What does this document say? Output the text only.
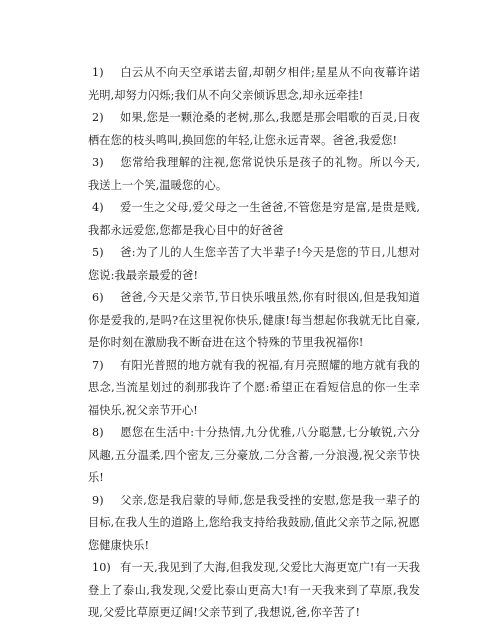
1) 白云从不向天空承诺去留,却朝夕相伴;星星从不向夜幕许诺光明,却努力闪烁;我们从不向父亲倾诉思念,却永远牵挂!

2) 如果,您是一颗沧桑的老树,那么,我愿是那会唱歌的百灵,日夜栖在您的枝头鸣叫,换回您的年轻,让您永远青翠。爸爸,我爱您!

3) 您常给我理解的注视,您常说快乐是孩子的礼物。所以今天,我送上一个笑,温暖您的心。

4) 爱一生之父母,爱父母之一生爸爸,不管您是穷是富,是贵是贱,我都永远爱您,您都是我心目中的好爸爸

5) 爸:为了儿的人生您辛苦了大半辈子!今天是您的节日,儿想对您说:我最亲最爱的爸!

6) 爸爸,今天是父亲节,节日快乐哦虽然,你有时很凶,但是我知道你是爱我的,是吗?在这里祝你快乐,健康!每当想起你我就无比自豪,是你时刻在激励我不断奋进在这个特殊的节里我祝福你!

7) 有阳光普照的地方就有我的祝福,有月亮照耀的地方就有我的思念,当流星划过的刹那我许了个愿:希望正在看短信息的你一生幸福快乐,祝父亲节开心!

8) 愿您在生活中:十分热情,九分优雅,八分聪慧,七分敏锐,六分风趣,五分温柔,四个密友,三分豪放,二分含蓄,一分浪漫,祝父亲节快乐!

9) 父亲,您是我启蒙的导师,您是我受挫的安慰,您是我一辈子的目标,在我人生的道路上,您给我支持给我鼓励,值此父亲节之际,祝愿您健康快乐!

10) 有一天,我见到了大海,但我发现,父爱比大海更宽广!有一天我登上了泰山,我发现,父爱比泰山更高大!有一天我来到了草原,我发现,父爱比草原更辽阔!父亲节到了,我想说,爸,你辛苦了!
